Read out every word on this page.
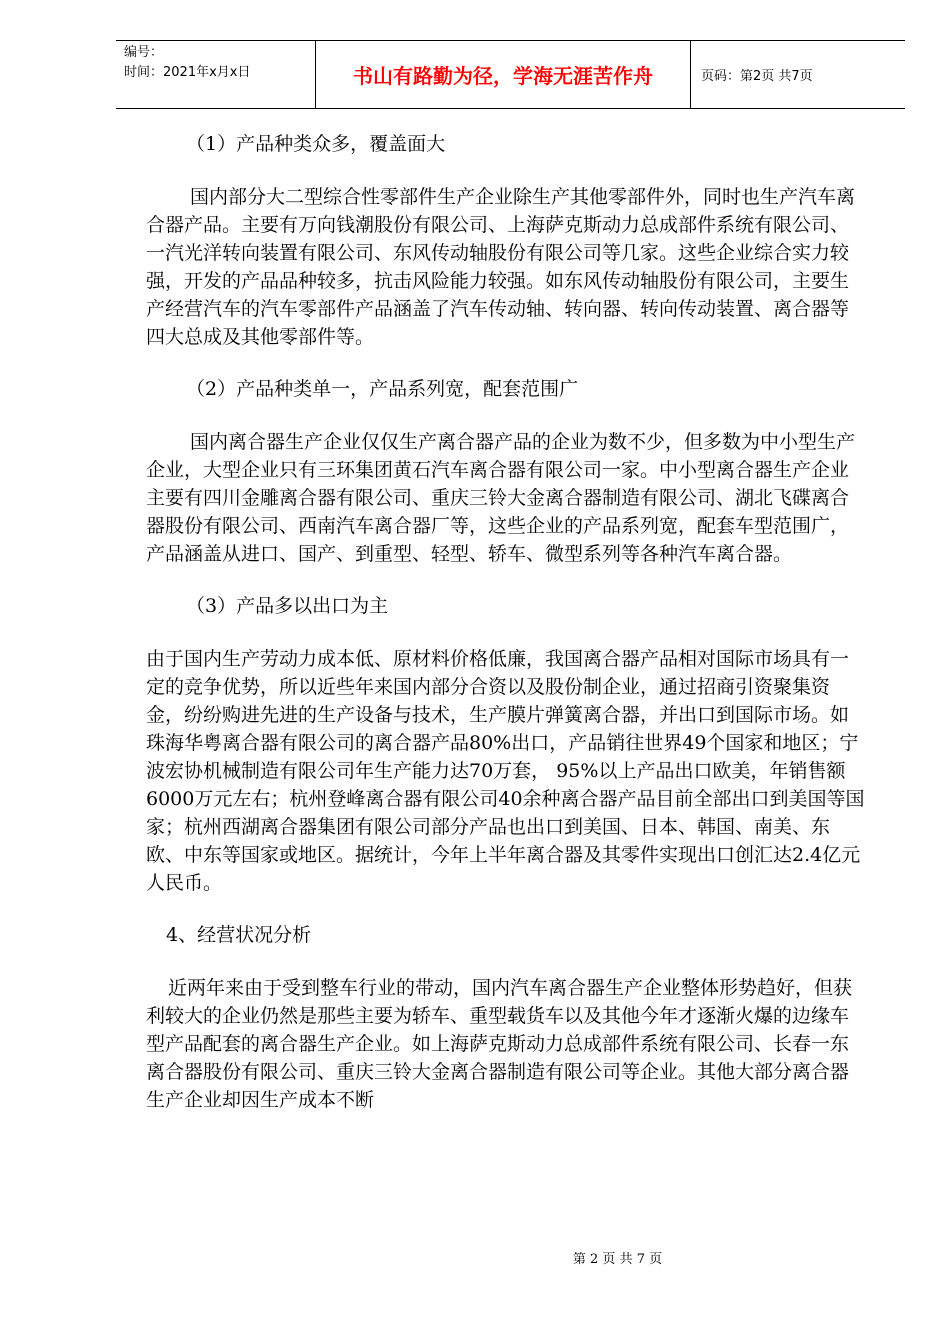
编号：
时间：2021年x月x日	书山有路勤为径，学海无涯苦作舟	页码：第2页 共7页

（1）产品种类众多，覆盖面大

国内部分大二型综合性零部件生产企业除生产其他零部件外，同时也生产汽车离合器产品。主要有万向钱潮股份有限公司、上海萨克斯动力总成部件系统有限公司、一汽光洋转向装置有限公司、东风传动轴股份有限公司等几家。这些企业综合实力较强，开发的产品品种较多，抗击风险能力较强。如东风传动轴股份有限公司，主要生产经营汽车的汽车零部件产品涵盖了汽车传动轴、转向器、转向传动装置、离合器等四大总成及其他零部件等。

（2）产品种类单一，产品系列宽，配套范围广

国内离合器生产企业仅仅生产离合器产品的企业为数不少，但多数为中小型生产企业，大型企业只有三环集团黄石汽车离合器有限公司一家。中小型离合器生产企业主要有四川金雕离合器有限公司、重庆三铃大金离合器制造有限公司、湖北飞碟离合器股份有限公司、西南汽车离合器厂等，这些企业的产品系列宽，配套车型范围广，产品涵盖从进口、国产、到重型、轻型、轿车、微型系列等各种汽车离合器。

（3）产品多以出口为主

由于国内生产劳动力成本低、原材料价格低廉，我国离合器产品相对国际市场具有一定的竞争优势，所以近些年来国内部分合资以及股份制企业，通过招商引资聚集资金，纷纷购进先进的生产设备与技术，生产膜片弹簧离合器，并出口到国际市场。如珠海华粤离合器有限公司的离合器产品80%出口，产品销往世界49个国家和地区；宁波宏协机械制造有限公司年生产能力达70万套， 95%以上产品出口欧美，年销售额6000万元左右；杭州登峰离合器有限公司40余种离合器产品目前全部出口到美国等国家；杭州西湖离合器集团有限公司部分产品也出口到美国、日本、韩国、南美、东欧、中东等国家或地区。据统计，今年上半年离合器及其零件实现出口创汇达2.4亿元人民币。

4、经营状况分析

近两年来由于受到整车行业的带动，国内汽车离合器生产企业整体形势趋好，但获利较大的企业仍然是那些主要为轿车、重型载货车以及其他今年才逐渐火爆的边缘车型产品配套的离合器生产企业。如上海萨克斯动力总成部件系统有限公司、长春一东离合器股份有限公司、重庆三铃大金离合器制造有限公司等企业。其他大部分离合器生产企业却因生产成本不断

第 2 页 共 7 页
